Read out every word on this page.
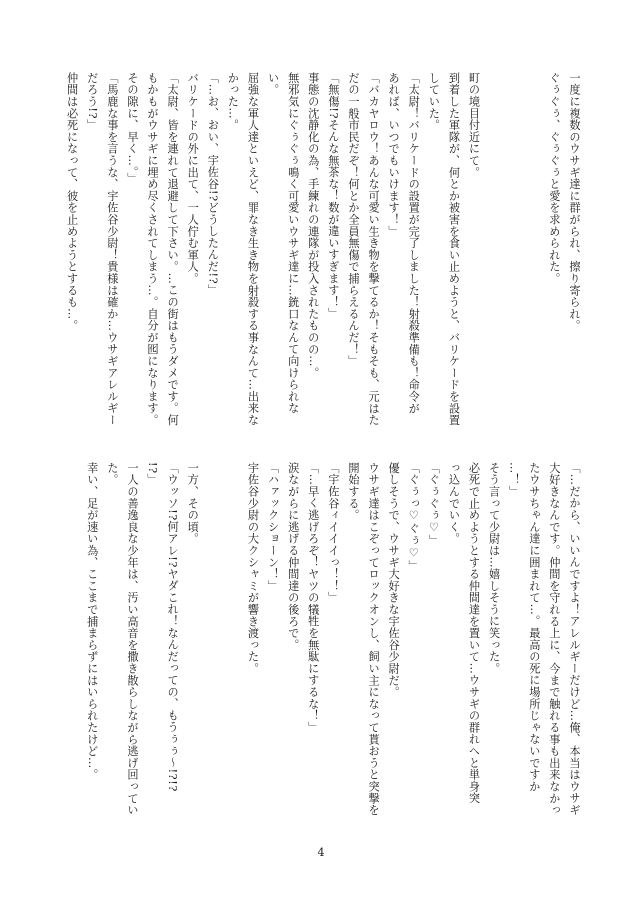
一度に複数のウサギ達に群がられ、擦り寄られ。
ぐぅぐぅ、ぐぅぐぅと愛を求められた。

町の境目付近にて。
到着した軍隊が、何とか被害を食い止めようと、バリケードを設置
していた。
「太尉！バリケードの設置が完了しました！射殺準備も！命令が
あれば、いつでもいけます！」
「バカヤロウ！あんな可愛い生き物を撃てるか！そもそも、元はた
だの一般市民だぞ！何とか全員無傷で捕らえるんだ！」
「無傷!?そんな無茶な！数が違いすぎます！」
事態の沈静化の為、手練れの連隊が投入されたものの…。
無邪気にぐぅぐぅ鳴く可愛いウサギ達に…銃口なんて向けられな
い。
屈強な軍人達といえど、罪なき生き物を射殺する事なんて…出来な
かった…。
「…お、おい、宇佐谷!?どうしたんだ!?」
バリケードの外に出て、一人佇む軍人。
「太尉、皆を連れて退避して下さい。…この街はもうダメです。何
もかもがウサギに埋め尽くされてしまう…。自分が囮になります。
その隙に、早く…。」
「馬鹿な事を言うな、宇佐谷少尉！貴様は確か…ウサギアレルギー
だろう!?」
仲間は必死になって、彼を止めようとするも…。
「…だから、いいんですよ！アレルギーだけど…俺、本当はウサギ
大好きなんです。仲間を守れる上に、今まで触れる事も出来なかっ
たウサちゃん達に囲まれて…。最高の死に場所じゃないですか
…！」
そう言って少尉は…嬉しそうに笑った。
必死で止めようとする仲間達を置いて…ウサギの群れへと単身突
っ込んでいく。
「ぐぅぐぅ♡」
「ぐぅっ♡ぐぅ♡」
優しそうで、ウサギ大好きな宇佐谷少尉だ。
ウサギ達はこぞってロックオンし、飼い主になって貰おうと突撃を
開始する。
「宇佐谷ィイイイっ！！」
「…早く逃げろぞ！ヤツの犠牲を無駄にするな！」
涙ながらに逃げる仲間達の後ろで。
「ハァックショーン！」
宇佐谷少尉の大クシャミが響き渡った。

一方、その頃。
「ウッソ!?何アレ!?ヤダこれ！なんだっての、もうぅぅ〜!?!?
!?」
一人の善逸良な少年は、汚い高音を撒き散らしながら逃げ回ってい
た。
幸い、足が速い為、ここまで捕まらずにはいられたけど…。
4
